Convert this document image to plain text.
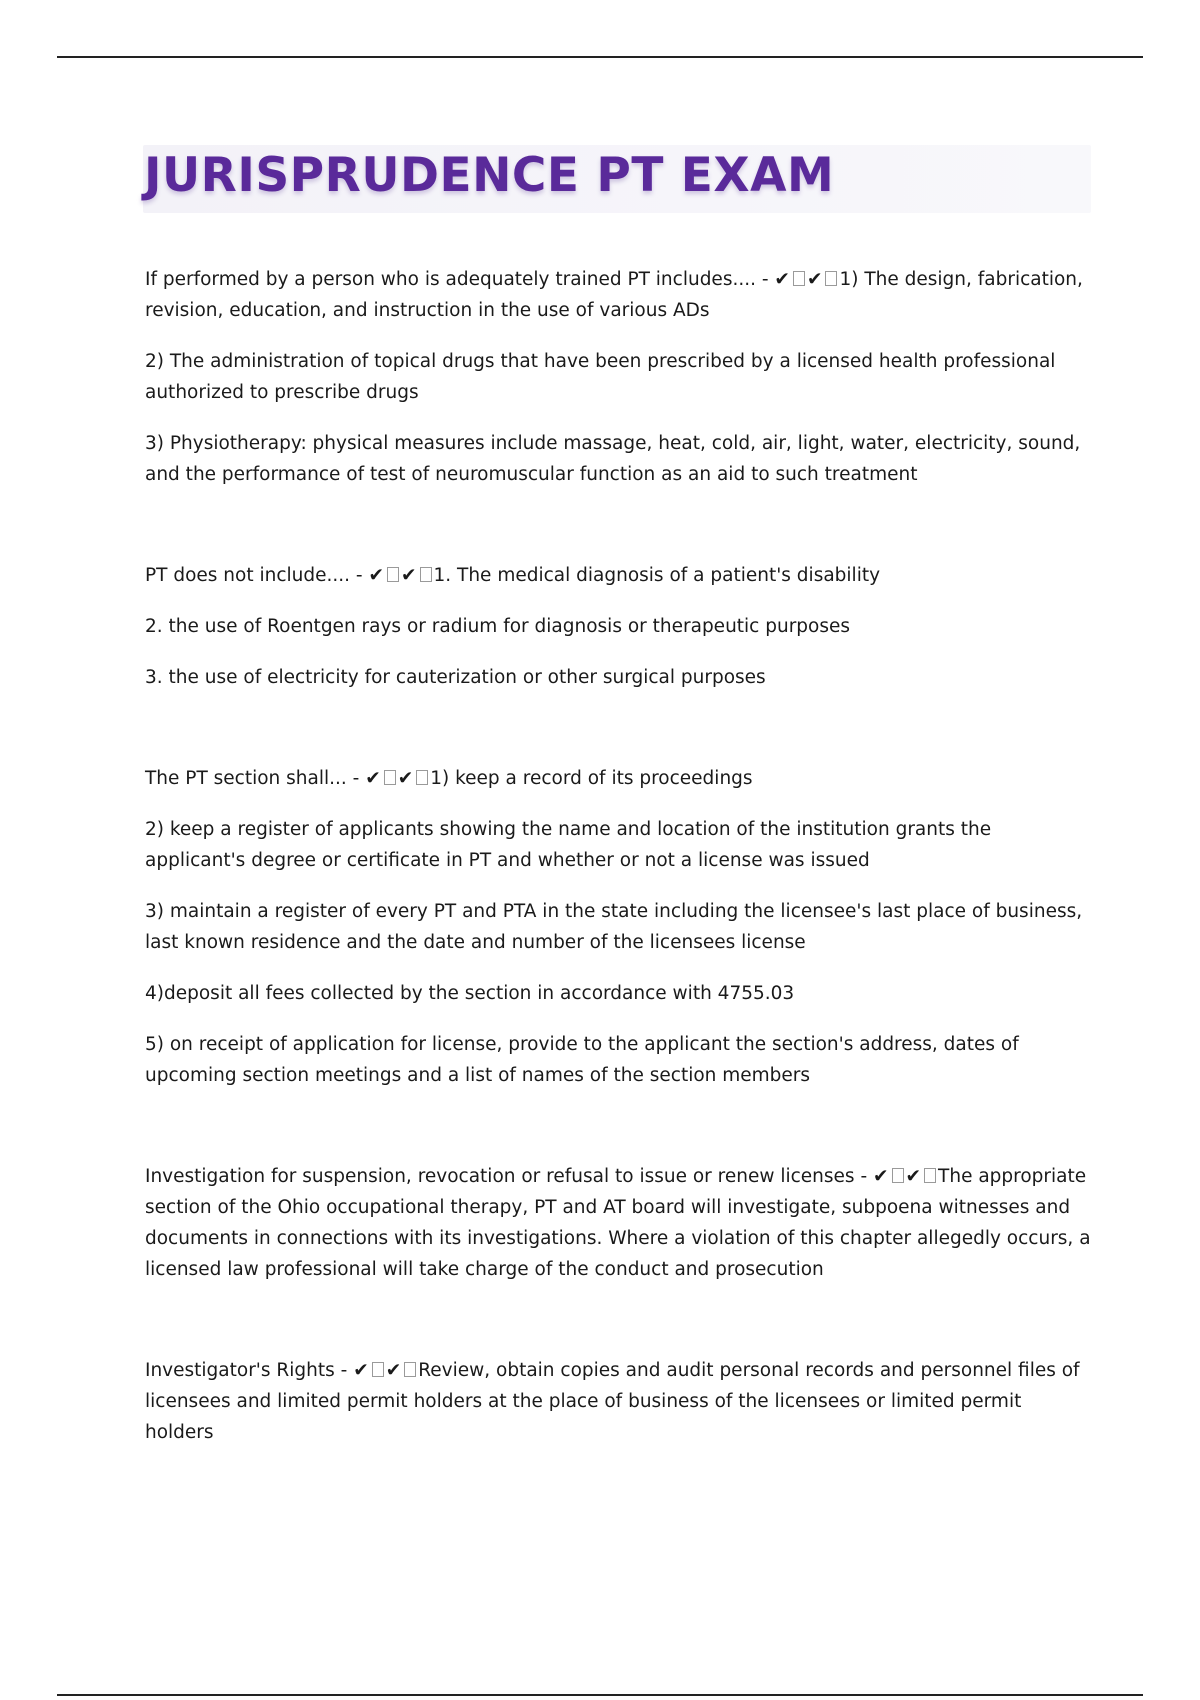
JURISPRUDENCE PT EXAM

If performed by a person who is adequately trained PT includes.... - ✔ ✔ 1) The design, fabrication, revision, education, and instruction in the use of various ADs

2) The administration of topical drugs that have been prescribed by a licensed health professional authorized to prescribe drugs

3) Physiotherapy: physical measures include massage, heat, cold, air, light, water, electricity, sound, and the performance of test of neuromuscular function as an aid to such treatment

PT does not include.... - ✔ ✔ 1. The medical diagnosis of a patient's disability

2. the use of Roentgen rays or radium for diagnosis or therapeutic purposes

3. the use of electricity for cauterization or other surgical purposes

The PT section shall... - ✔ ✔ 1) keep a record of its proceedings

2) keep a register of applicants showing the name and location of the institution grants the applicant's degree or certificate in PT and whether or not a license was issued

3) maintain a register of every PT and PTA in the state including the licensee's last place of business, last known residence and the date and number of the licensees license

4)deposit all fees collected by the section in accordance with 4755.03

5) on receipt of application for license, provide to the applicant the section's address, dates of upcoming section meetings and a list of names of the section members

Investigation for suspension, revocation or refusal to issue or renew licenses - ✔ ✔ The appropriate section of the Ohio occupational therapy, PT and AT board will investigate, subpoena witnesses and documents in connections with its investigations. Where a violation of this chapter allegedly occurs, a licensed law professional will take charge of the conduct and prosecution

Investigator's Rights - ✔ ✔ Review, obtain copies and audit personal records and personnel files of licensees and limited permit holders at the place of business of the licensees or limited permit holders
